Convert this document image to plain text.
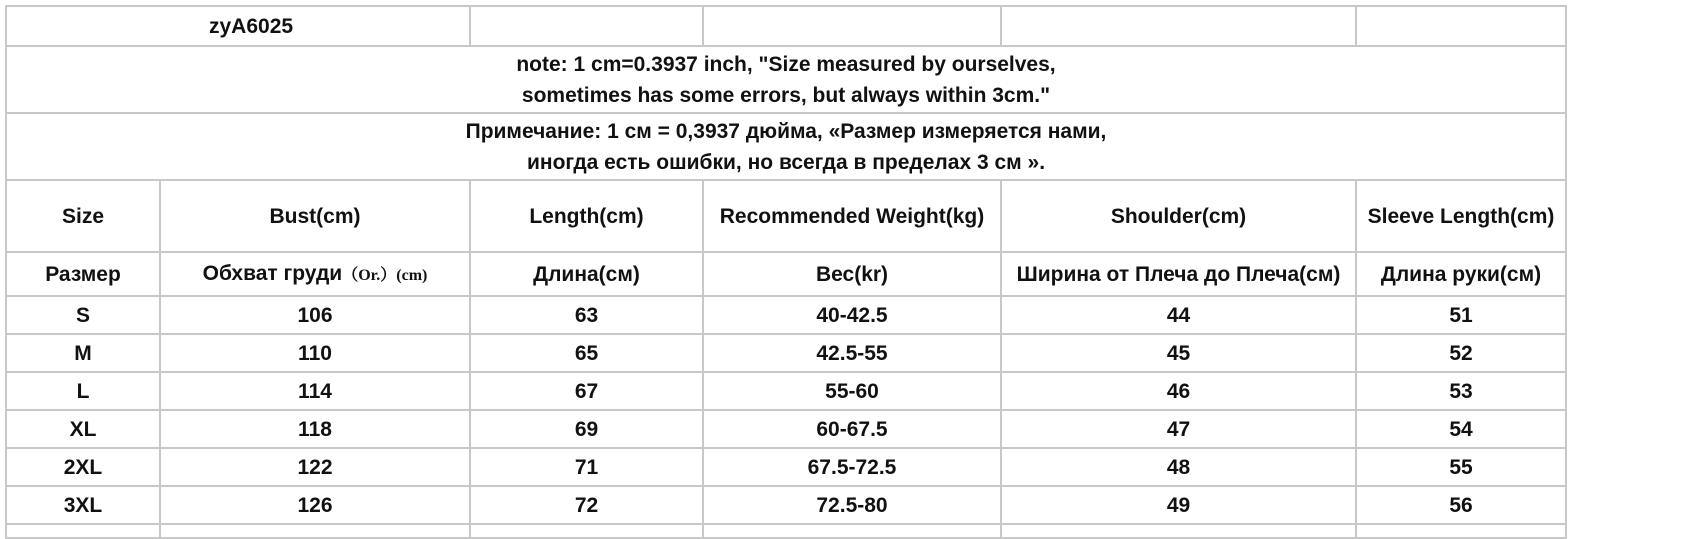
zyA6025					

note: 1 cm=0.3937 inch, "Size measured by ourselves,
sometimes has some errors, but always within 3cm."					

Примечание: 1 см = 0,3937 дюйма, «Размер измеряется нами,
иногда есть ошибки, но всегда в пределах 3 см ».					

Size	Bust(cm)	Length(cm)	Recommended Weight(kg)	Shoulder(cm)	Sleeve Length(cm)
Размер	Обхват груди（Or.）(cm)	Длина(см)	Вес(kr)	Ширина от Плеча до Плеча(см)	Длина руки(см)
S	106	63	40-42.5	44	51
M	110	65	42.5-55	45	52
L	114	67	55-60	46	53
XL	118	69	60-67.5	47	54
2XL	122	71	67.5-72.5	48	55
3XL	126	72	72.5-80	49	56
